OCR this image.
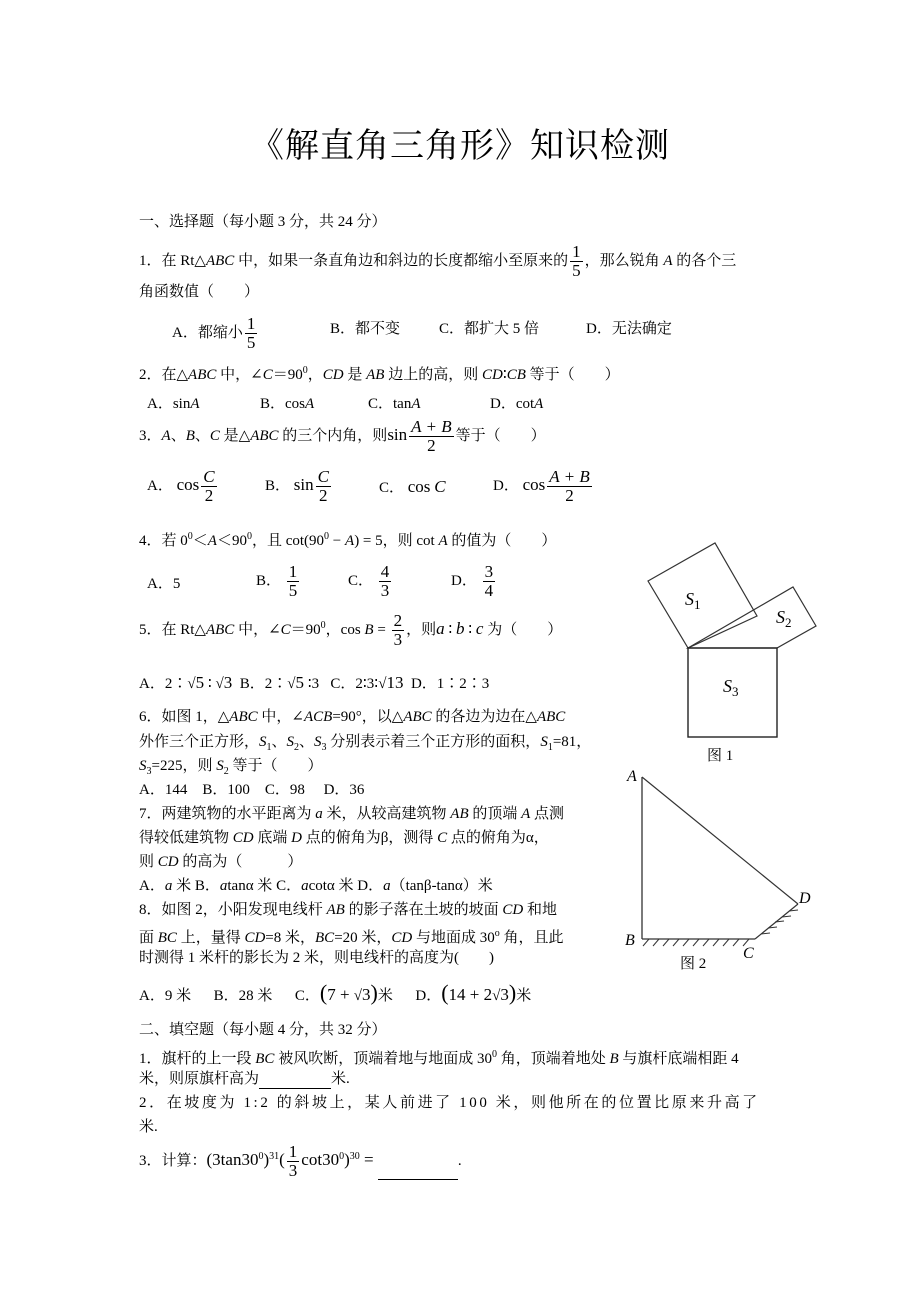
《解直角三角形》知识检测
一、选择题（每小题 3 分，共 24 分）
1．在 Rt△ABC 中，如果一条直角边和斜边的长度都缩小至原来的 $\frac{1}{5}$ ，那么锐角 A 的各个三
角函数值（　　）
A．都缩小 $\frac{1}{5}$	B．都不变	C．都扩大 5 倍	D．无法确定
2．在△ABC 中，$\angle C=90^0$，CD 是 AB 边上的高，则 CD∶CB 等于（　　）
A．sinA	B．cosA	C．tanA	D．cotA
3．A、B、C 是△ABC 的三个内角，则$\sin \frac{A + B}{2}$ 等于（　　）
A． $\cos \frac{C}{2}$	B． $\sin \frac{C}{2}$	C． cos C	D． $\cos \frac{A + B}{2}$
4．若 $0^0<A<90^0$，且 $\cot(90^0 - A) = 5$，则 cot A 的值为（　　）
A．5	B． $\frac{1}{5}$	C． $\frac{4}{3}$	D． $\frac{3}{4}$
5．在 Rt△ABC 中，$\angle C=90^0$，$\cos B = \frac{2}{3}$ ，则a ∶ b ∶ c 为（　　）
A．2∶√5 ∶ √3 B．2∶√5 ∶3 C．2∶3∶√13 D．1∶2∶3
6．如图 1，△ABC 中，∠ACB=90°，以△ABC 的各边为边在△ABC
外作三个正方形，$S_1$、$S_2$、$S_3$ 分别表示着三个正方形的面积，$S_1=81$，
$S_3=225$，则 $S_2$ 等于（　　）
A．144　B．100　C．98　 D．36
7．两建筑物的水平距离为 a 米，从较高建筑物 AB 的顶端 A 点测
得较低建筑物 CD 底端 D 点的俯角为β，测得 C 点的俯角为α，
则 CD 的高为（　　　）
A．a 米 B．atanα 米 C．acotα 米 D．a（tanβ-tanα）米
8．如图 2，小阳发现电线杆 AB 的影子落在土坡的坡面 CD 和地
面 BC 上，量得 CD=8 米，BC=20 米，CD 与地面成 30$^o$ 角，且此
时测得 1 米杆的影长为 2 米，则电线杆的高度为(　　)
A．9 米 B．28 米 C．(7 + √3)米 D．(14 + 2√3)米
二、填空题（每小题 4 分，共 32 分）
1．旗杆的上一段 BC 被风吹断，顶端着地与地面成 $30^0$ 角，顶端着地处 B 与旗杆底端相距 4
米，则原旗杆高为	米.
2．在坡度为 1:2 的斜坡上，某人前进了 100 米，则他所在的位置比原来升高了
米.
3．计算：$(3\tan 30^0)^{31}( \frac{1}{3} \cot 30^0)^{30}$ =	.
$S_1$
$S_2$
$S_3$
图 1
A
B
C
D
图 2
